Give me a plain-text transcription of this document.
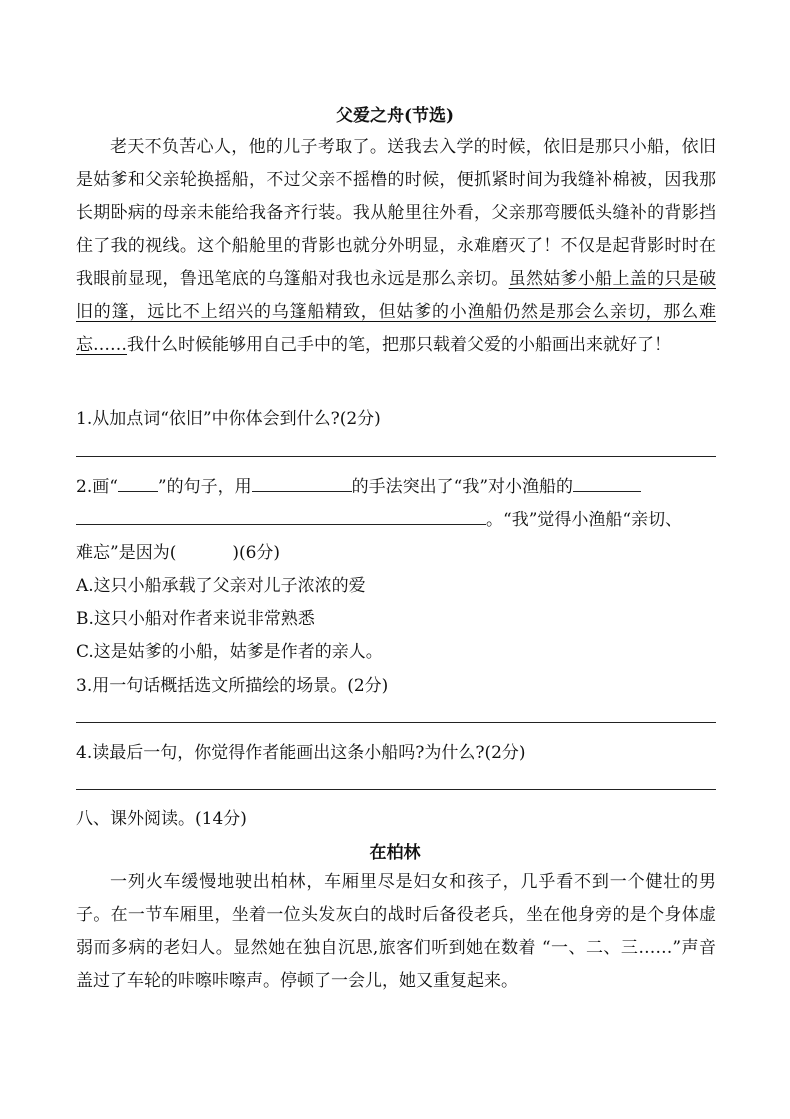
父爱之舟(节选)

老天不负苦心人，他的儿子考取了。送我去入学的时候，依旧是那只小船，依旧是姑爹和父亲轮换摇船，不过父亲不摇橹的时候，便抓紧时间为我缝补棉被，因我那长期卧病的母亲未能给我备齐行装。我从舱里往外看，父亲那弯腰低头缝补的背影挡住了我的视线。这个船舱里的背影也就分外明显，永难磨灭了！不仅是起背影时时在我眼前显现，鲁迅笔底的乌篷船对我也永远是那么亲切。虽然姑爹小船上盖的只是破旧的篷，远比不上绍兴的乌篷船精致，但姑爹的小渔船仍然是那会么亲切，那么难忘……我什么时候能够用自己手中的笔，把那只载着父爱的小船画出来就好了！

1.从加点词“依旧”中你体会到什么?(2分)
2.画“ ”的句子，用	的手法突出了“我”对小渔船的
。“我”觉得小渔船“亲切、
难忘”是因为(	)(6分)
A.这只小船承载了父亲对儿子浓浓的爱
B.这只小船对作者来说非常熟悉
C.这是姑爹的小船，姑爹是作者的亲人。
3.用一句话概括选文所描绘的场景。(2分)
4.读最后一句，你觉得作者能画出这条小船吗?为什么?(2分)
八、课外阅读。(14分)
在柏林

一列火车缓慢地驶出柏林，车厢里尽是妇女和孩子，几乎看不到一个健壮的男子。在一节车厢里，坐着一位头发灰白的战时后备役老兵，坐在他身旁的是个身体虚弱而多病的老妇人。显然她在独自沉思,旅客们听到她在数着 “一、二、三……”声音盖过了车轮的咔嚓咔嚓声。停顿了一会儿，她又重复起来。
